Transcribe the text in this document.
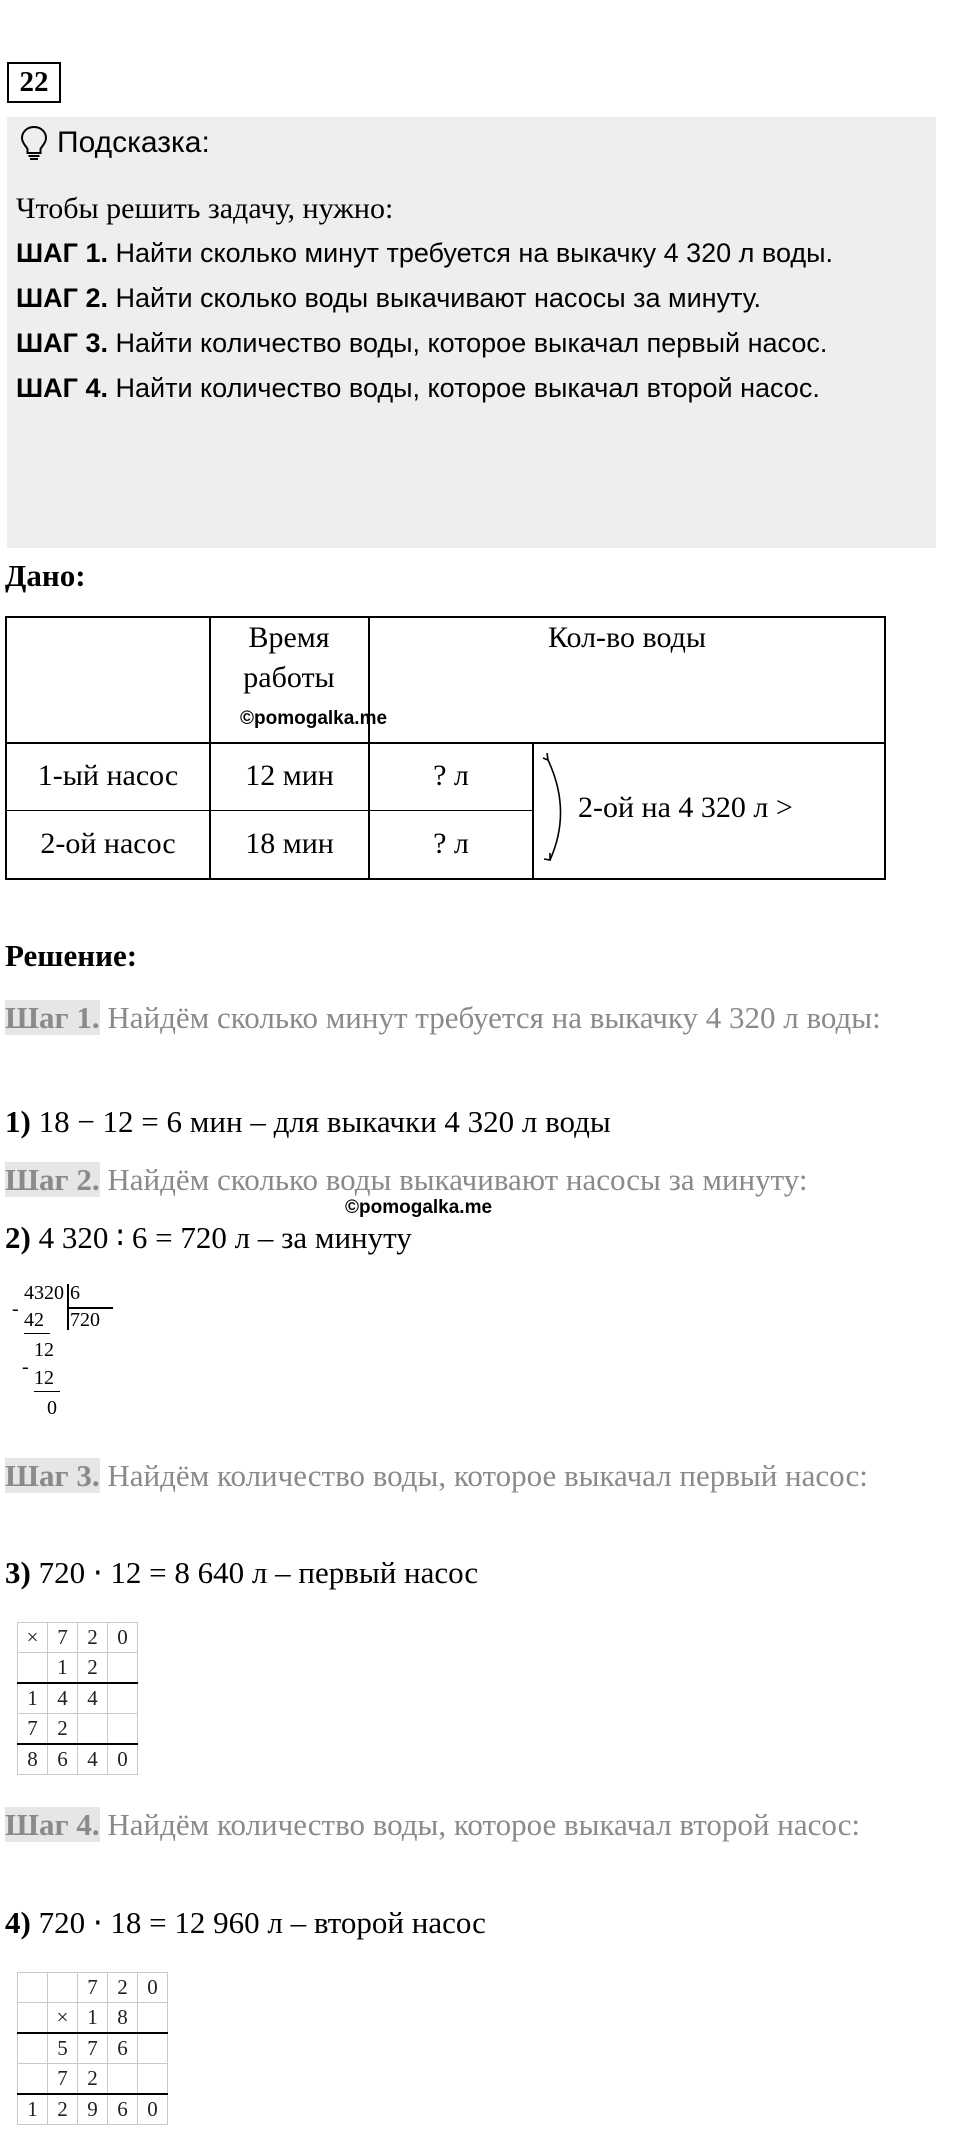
22
Подсказка:

Чтобы решить задачу, нужно:

ШАГ 1. Найти сколько минут требуется на выкачку 4 320 л воды.

ШАГ 2. Найти сколько воды выкачивают насосы за минуту.

ШАГ 3. Найти количество воды, которое выкачал первый насос.

ШАГ 4. Найти количество воды, которое выкачал второй насос.

Дано:
Время работы
Кол-во воды
©pomogalka.me
1-ый насос	12 мин	? л
2-ой насос	18 мин	? л
2-ой на 4 320 л >
Решение:
Шаг 1. Найдём сколько минут требуется на выкачку 4 320 л воды:
1) 18 − 12 = 6 мин – для выкачки 4 320 л воды
Шаг 2. Найдём сколько воды выкачивают насосы за минуту:
©pomogalka.me
2) 4 320 ∶ 6 = 720 л – за минуту
4320 6
720
- 42
12
- 12
0
Шаг 3. Найдём количество воды, которое выкачал первый насос:
3) 720 ⋅ 12 = 8 640 л – первый насос
×	7	2	0
	1	2	
1	4	4	
7	2		
8	6	4	0
Шаг 4. Найдём количество воды, которое выкачал второй насос:
4) 720 ⋅ 18 = 12 960 л – второй насос
		7	2	0
	×	1	8	
	5	7	6	
	7	2		
1	2	9	6	0
